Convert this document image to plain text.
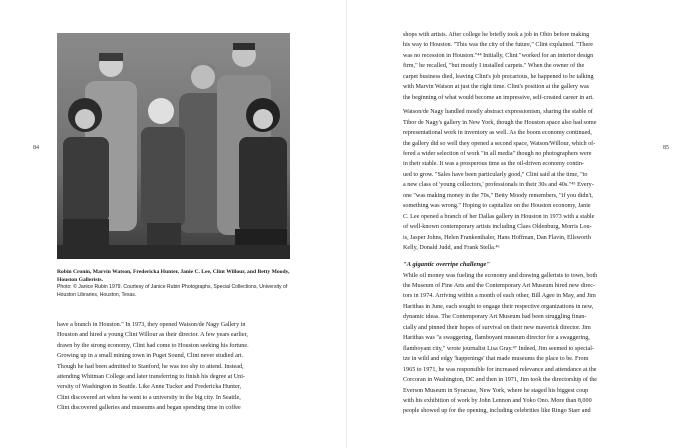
84
Robin Cronin, Marvin Watson, Fredericka Hunter, Janie C. Lee, Clint Willour, and Betty Moody, Houston Gallerists.
Photo: © Janice Rubin 1979. Courtesy of Janice Rubin Photographs, Special Collections, University of Houston Libraries, Houston, Texas.
have a branch in Houston." In 1973, they opened Watson/de Nagy Gallery in
Houston and hired a young Clint Willour as their director. A few years earlier,
drawn by the strong economy, Clint had come to Houston seeking his fortune.
Growing up in a small mining town in Puget Sound, Clint never studied art.
Though he had been admitted to Stanford, he was too shy to attend. Instead,
attending Whitman College and later transferring to finish his degree at Uni-
versity of Washington in Seattle. Like Anne Tucker and Fredericka Hunter,
Clint discovered art when he went to a university in the big city. In Seattle,
Clint discovered galleries and museums and began spending time in coffee
85

shops with artists. After college he briefly took a job in Ohio before making
his way to Houston. "This was the city of the future," Clint explained. "There
was no recession in Houston."⁴⁴ Initially, Clint "worked for an interior design
firm," he recalled, "but mostly I installed carpets." When the owner of the
carpet business died, leaving Clint's job precarious, he happened to be talking
with Marvin Watson at just the right time. Clint's position at the gallery was
the beginning of what would become an impressive, self-created career in art.

Watson/de Nagy handled mostly abstract expressionism, sharing the stable of
Tibor de Nagy's gallery in New York, though the Houston space also had some
representational work in inventory as well. As the boom economy continued,
the gallery did so well they opened a second space, Watson/Willour, which of-
fered a wider selection of work "in all media" though no photographers were
in their stable. It was a prosperous time as the oil-driven economy contin-
ued to grow. "Sales have been particularly good," Clint said at the time, "to
a new class of 'young collectors,' professionals in their 30s and 40s."⁴⁵ Every-
one "was making money in the 70s," Betty Moody remembers, "if you didn't,
something was wrong." Hoping to capitalize on the Houston economy, Janie
C. Lee opened a branch of her Dallas gallery in Houston in 1973 with a stable
of well-known contemporary artists including Claes Oldenburg, Morris Lou-
is, Jasper Johns, Helen Frankenthaler, Hans Hoffman, Dan Flavin, Ellsworth
Kelly, Donald Judd, and Frank Stella.⁴⁶

"A gigantic overripe challenge"

While oil money was fueling the economy and drawing gallerists to town, both
the Museum of Fine Arts and the Contemporary Art Museum hired new direc-
tors in 1974. Arriving within a month of each other, Bill Agee in May, and Jim
Harithas in June, each sought to engage their respective organizations in new,
dynamic ideas. The Contemporary Art Museum had been struggling finan-
cially and pinned their hopes of survival on their new maverick director. Jim
Harithas was "a swaggering, flamboyant museum director for a swaggering,
flamboyant city," wrote journalist Lisa Gray.⁴⁷ Indeed, Jim seemed to special-
ize in wild and edgy 'happenings' that made museums the place to be. From
1965 to 1971, he was responsible for increased relevance and attendance at the
Corcoran in Washington, DC and then in 1971, Jim took the directorship of the
Everson Museum in Syracuse, New York, where he staged his biggest coup
with his exhibition of work by John Lennon and Yoko Ono. More than 8,000
people showed up for the opening, including celebrities like Ringo Starr and
